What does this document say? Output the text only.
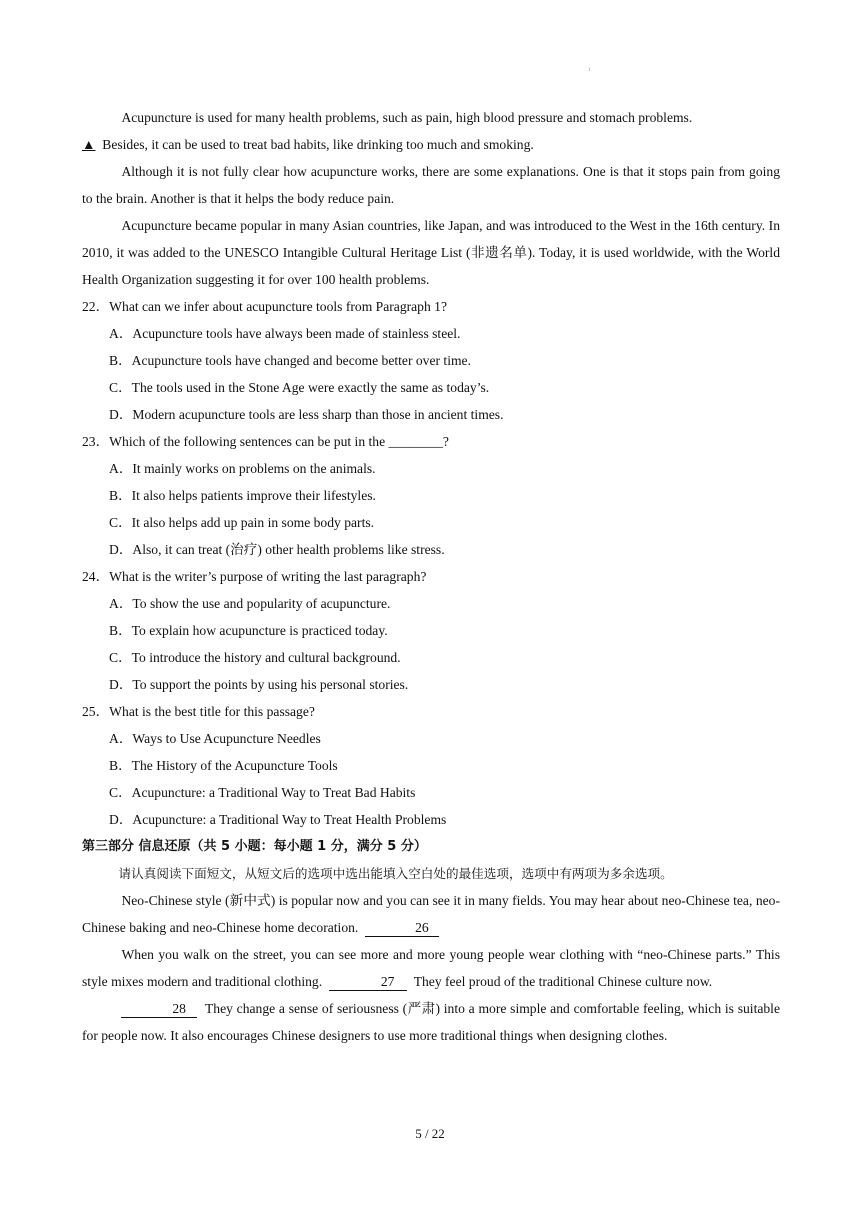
1

Acupuncture is used for many health problems, such as pain, high blood pressure and stomach problems.

▲ Besides, it can be used to treat bad habits, like drinking too much and smoking.

Although it is not fully clear how acupuncture works, there are some explanations. One is that it stops pain from going to the brain. Another is that it helps the body reduce pain.

Acupuncture became popular in many Asian countries, like Japan, and was introduced to the West in the 16th century. In 2010, it was added to the UNESCO Intangible Cultural Heritage List (非遗名单). Today, it is used worldwide, with the World Health Organization suggesting it for over 100 health problems.

22．What can we infer about acupuncture tools from Paragraph 1?

A．Acupuncture tools have always been made of stainless steel.

B．Acupuncture tools have changed and become better over time.

C．The tools used in the Stone Age were exactly the same as today’s.

D．Modern acupuncture tools are less sharp than those in ancient times.

23．Which of the following sentences can be put in the ________?

A．It mainly works on problems on the animals.

B．It also helps patients improve their lifestyles.

C．It also helps add up pain in some body parts.

D．Also, it can treat (治疗) other health problems like stress.

24．What is the writer’s purpose of writing the last paragraph?

A．To show the use and popularity of acupuncture.

B．To explain how acupuncture is practiced today.

C．To introduce the history and cultural background.

D．To support the points by using his personal stories.

25．What is the best title for this passage?

A．Ways to Use Acupuncture Needles

B．The History of the Acupuncture Tools

C．Acupuncture: a Traditional Way to Treat Bad Habits

D．Acupuncture: a Traditional Way to Treat Health Problems

第三部分 信息还原（共 5 小题：每小题 1 分，满分 5 分）

请认真阅读下面短文，从短文后的选项中选出能填入空白处的最佳选项，选项中有两项为多余选项。

Neo-Chinese style (新中式) is popular now and you can see it in many fields. You may hear about neo-Chinese tea, neo-Chinese baking and neo-Chinese home decoration.	26

When you walk on the street, you can see more and more young people wear clothing with “neo-Chinese parts.” This style mixes modern and traditional clothing.	27 They feel proud of the traditional Chinese culture now.

28 They change a sense of seriousness (严肃) into a more simple and comfortable feeling, which is suitable for people now. It also encourages Chinese designers to use more traditional things when designing clothes.

5 / 22
